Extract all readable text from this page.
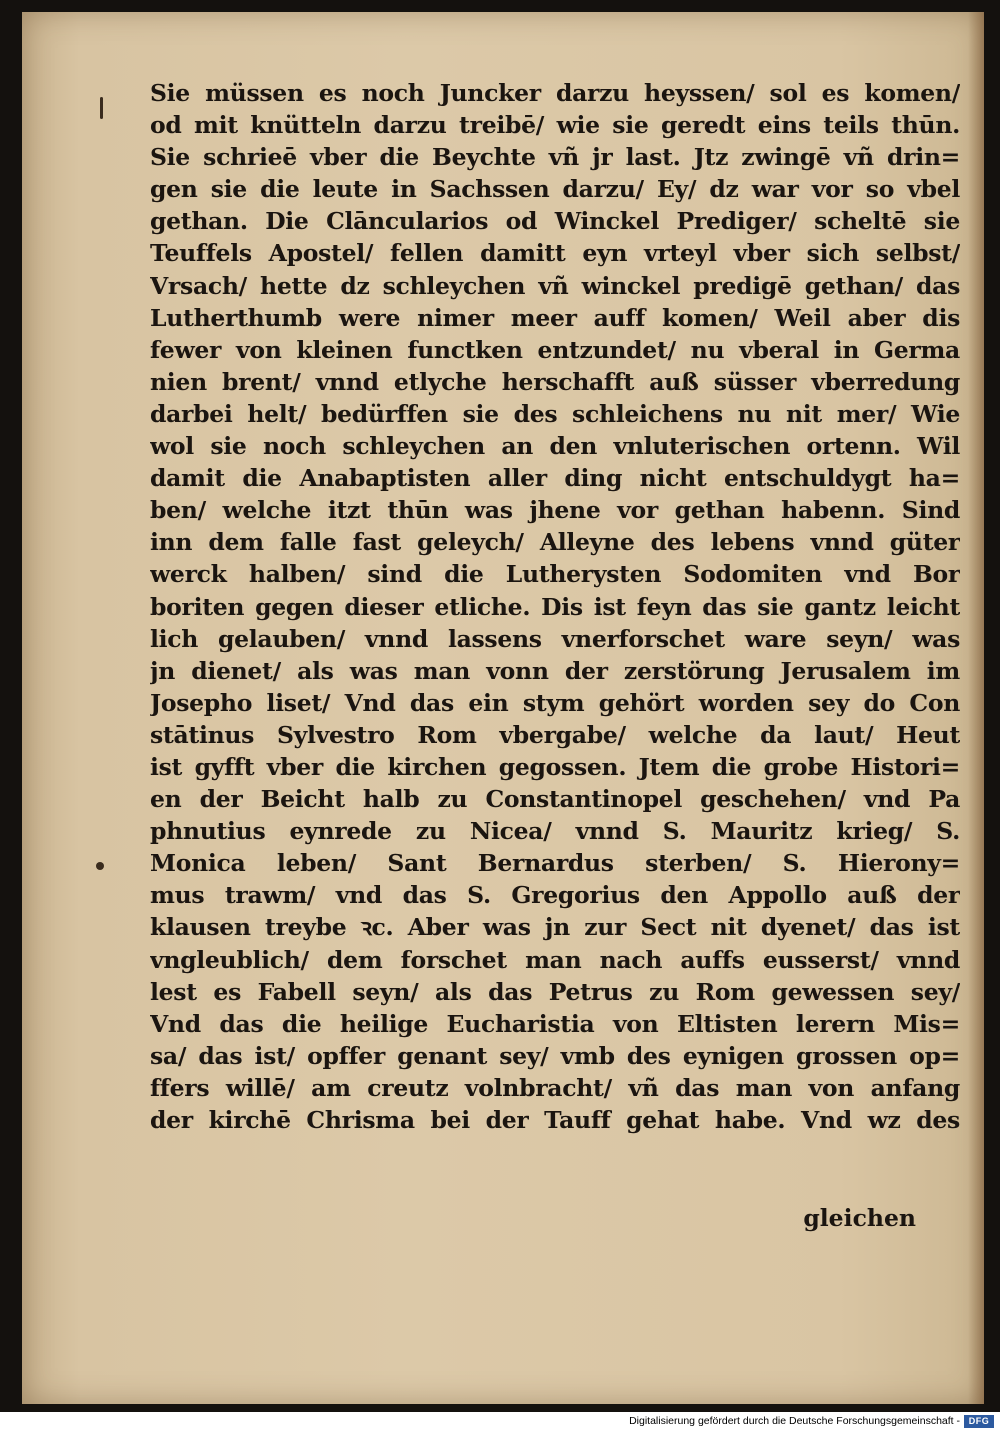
Sie müssen es noch Juncker darzu heyssen/ sol es komen/
od mit knütteln darzu treibē/ wie sie geredt eins teils thūn.
Sie schrieē vber die Beychte vñ jr last. Jtz zwingē vñ drin=
gen sie die leute in Sachssen darzu/ Ey/ dz war vor so vbel
gethan. Die Clāncularios od Winckel Prediger/ scheltē sie
Teuffels Apostel/ fellen damitt eyn vrteyl vber sich selbst/
Vrsach/ hette dz schleychen vñ winckel predigē gethan/ das
Lutherthumb were nimer meer auff komen/ Weil aber dis
fewer von kleinen functken entzundet/ nu vberal in Germa
nien brent/ vnnd etlyche herschafft auß süsser vberredung
darbei helt/ bedürffen sie des schleichens nu nit mer/ Wie
wol sie noch schleychen an den vnluterischen ortenn. Wil
damit die Anabaptisten aller ding nicht entschuldygt ha=
ben/ welche itzt thūn was jhene vor gethan habenn. Sind
inn dem falle fast geleych/ Alleyne des lebens vnnd güter
werck halben/ sind die Lutherysten Sodomiten vnd Bor
boriten gegen dieser etliche. Dis ist feyn das sie gantz leicht
lich gelauben/ vnnd lassens vnerforschet ware seyn/ was
jn dienet/ als was man vonn der zerstörung Jerusalem im
Josepho liset/ Vnd das ein stym gehört worden sey do Con
stātinus Sylvestro Rom vbergabe/ welche da laut/ Heut
ist gyfft vber die kirchen gegossen. Jtem die grobe Histori=
en der Beicht halb zu Constantinopel geschehen/ vnd Pa
phnutius eynrede zu Nicea/ vnnd S. Mauritz krieg/ S.
Monica leben/ Sant Bernardus sterben/ S. Hierony=
mus trawm/ vnd das S. Gregorius den Appollo auß der
klausen treybe ꝛc. Aber was jn zur Sect nit dyenet/ das ist
vngleublich/ dem forschet man nach auffs eusserst/ vnnd
lest es Fabell seyn/ als das Petrus zu Rom gewessen sey/
Vnd das die heilige Eucharistia von Eltisten lerern Mis=
sa/ das ist/ opffer genant sey/ vmb des eynigen grossen op=
ffers willē/ am creutz volnbracht/ vñ das man von anfang
der kirchē Chrisma bei der Tauff gehat habe. Vnd wz des
gleichen
Digitalisierung gefördert durch die Deutsche Forschungsgemeinschaft - DFG
